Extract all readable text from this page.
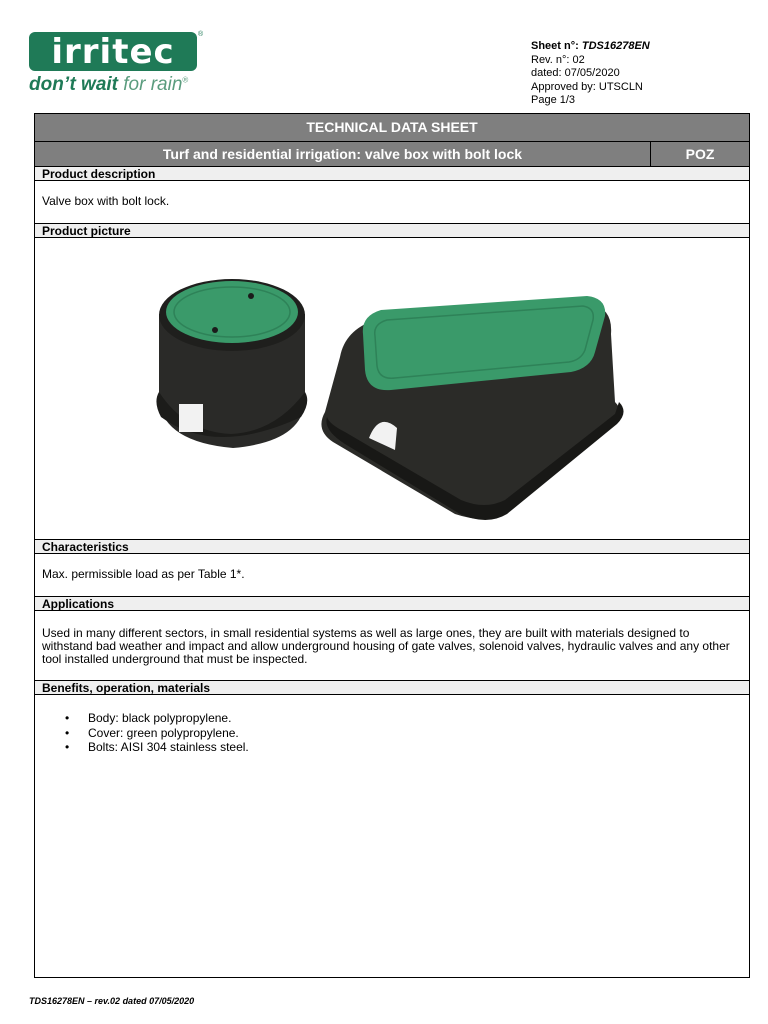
irritec	®
don’t wait for rain®
Sheet n°: TDS16278EN
Rev. n°: 02
dated: 07/05/2020
Approved by: UTSCLN
Page 1/3
TECHNICAL DATA SHEET
Turf and residential irrigation: valve box with bolt lock	POZ
Product description
Valve box with bolt lock.
Product picture
Characteristics
Max. permissible load as per Table 1*.
Applications
Used in many different sectors, in small residential systems as well as large ones, they are built with materials designed to withstand bad weather and impact and allow underground housing of gate valves, solenoid valves, hydraulic valves and any other tool installed underground that must be inspected.
Benefits, operation, materials
• Body: black polypropylene.
• Cover: green polypropylene.
• Bolts: AISI 304 stainless steel.
TDS16278EN – rev.02 dated 07/05/2020
